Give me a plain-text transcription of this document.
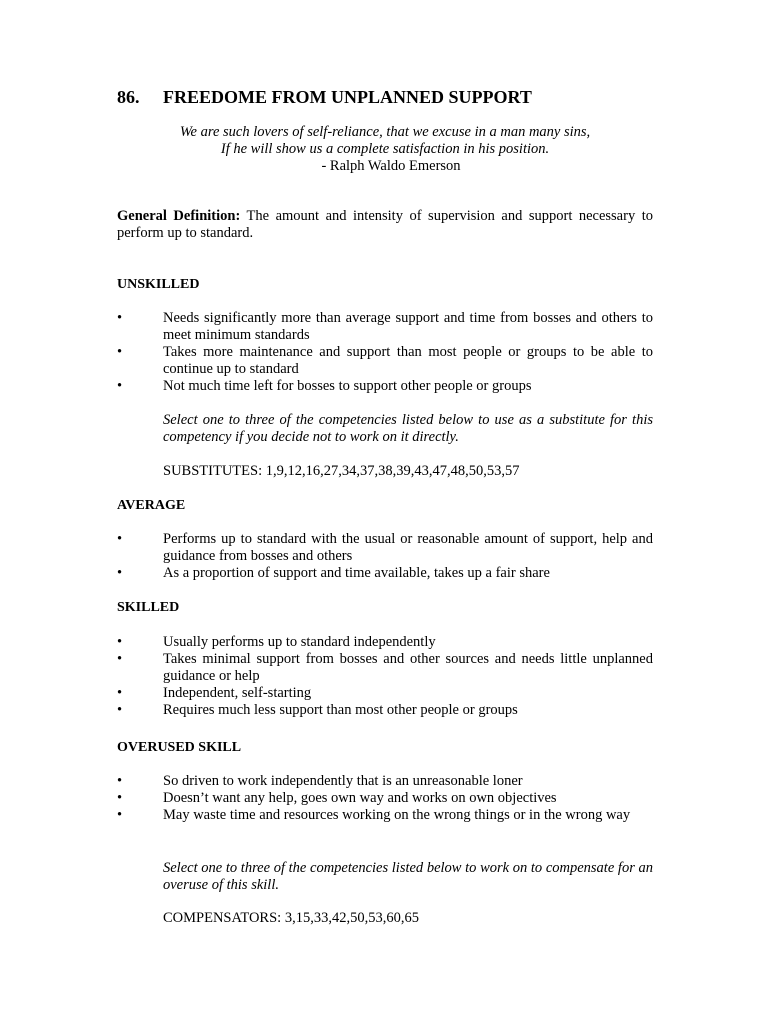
86. FREEDOME FROM UNPLANNED SUPPORT
We are such lovers of self-reliance, that we excuse in a man many sins,
If he will show us a complete satisfaction in his position.
- Ralph Waldo Emerson

General Definition: The amount and intensity of supervision and support necessary to perform up to standard.

UNSKILLED
•	Needs significantly more than average support and time from bosses and others to meet minimum standards
•	Takes more maintenance and support than most people or groups to be able to continue up to standard
•	Not much time left for bosses to support other people or groups

Select one to three of the competencies listed below to use as a substitute for this competency if you decide not to work on it directly.

SUBSTITUTES: 1,9,12,16,27,34,37,38,39,43,47,48,50,53,57

AVERAGE
•	Performs up to standard with the usual or reasonable amount of support, help and guidance from bosses and others
•	As a proportion of support and time available, takes up a fair share
SKILLED
•	Usually performs up to standard independently
•	Takes minimal support from bosses and other sources and needs little unplanned guidance or help
•	Independent, self-starting
•	Requires much less support than most other people or groups
OVERUSED SKILL
•	So driven to work independently that is an unreasonable loner
•	Doesn’t want any help, goes own way and works on own objectives
•	May waste time and resources working on the wrong things or in the wrong way

Select one to three of the competencies listed below to work on to compensate for an overuse of this skill.

COMPENSATORS: 3,15,33,42,50,53,60,65
